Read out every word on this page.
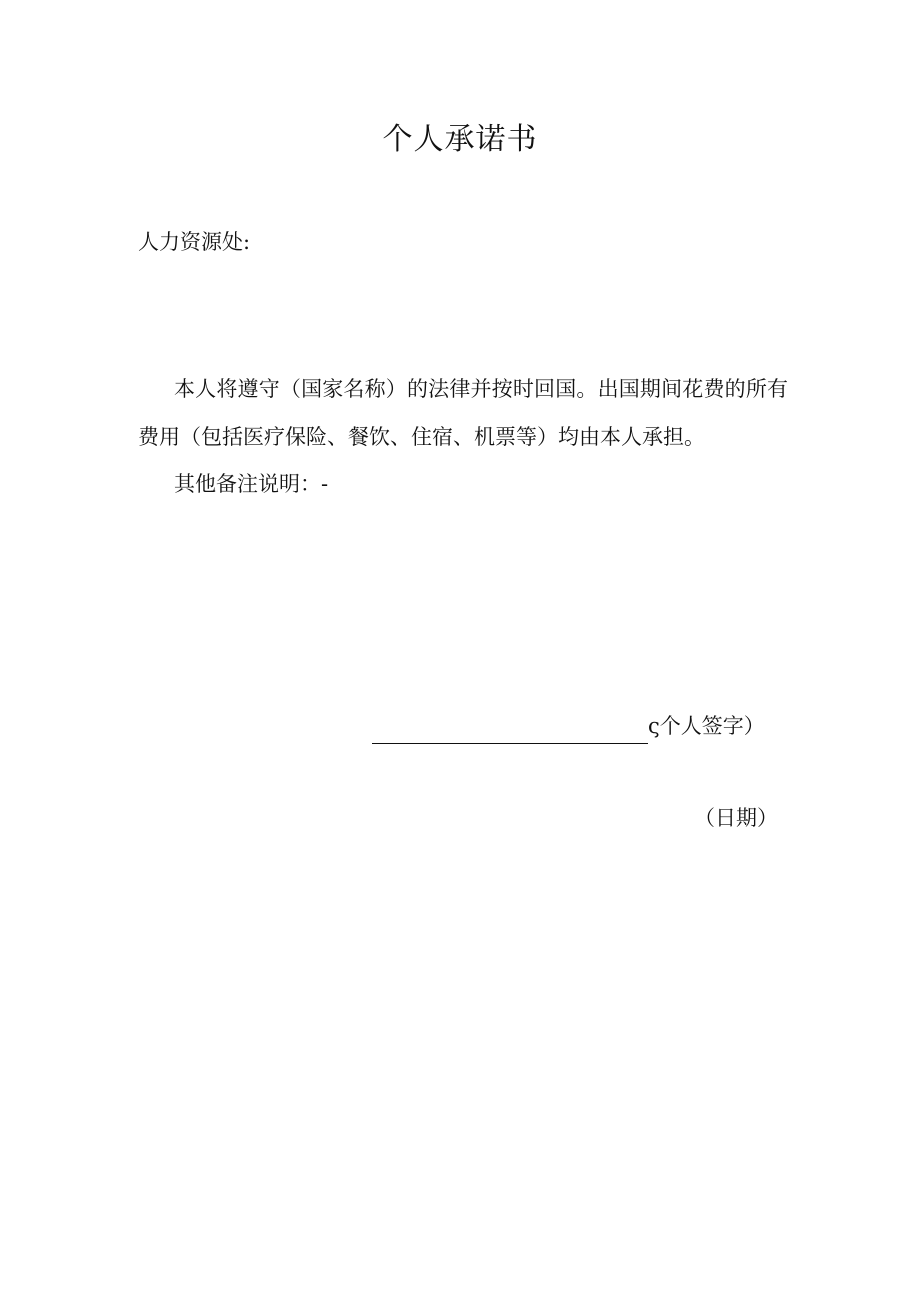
个人承诺书
人力资源处:

本人将遵守（国家名称）的法律并按时回国。出国期间花费的所有费用（包括医疗保险、餐饮、住宿、机票等）均由本人承担。

其他备注说明：-

ς个人签字）
（日期）
